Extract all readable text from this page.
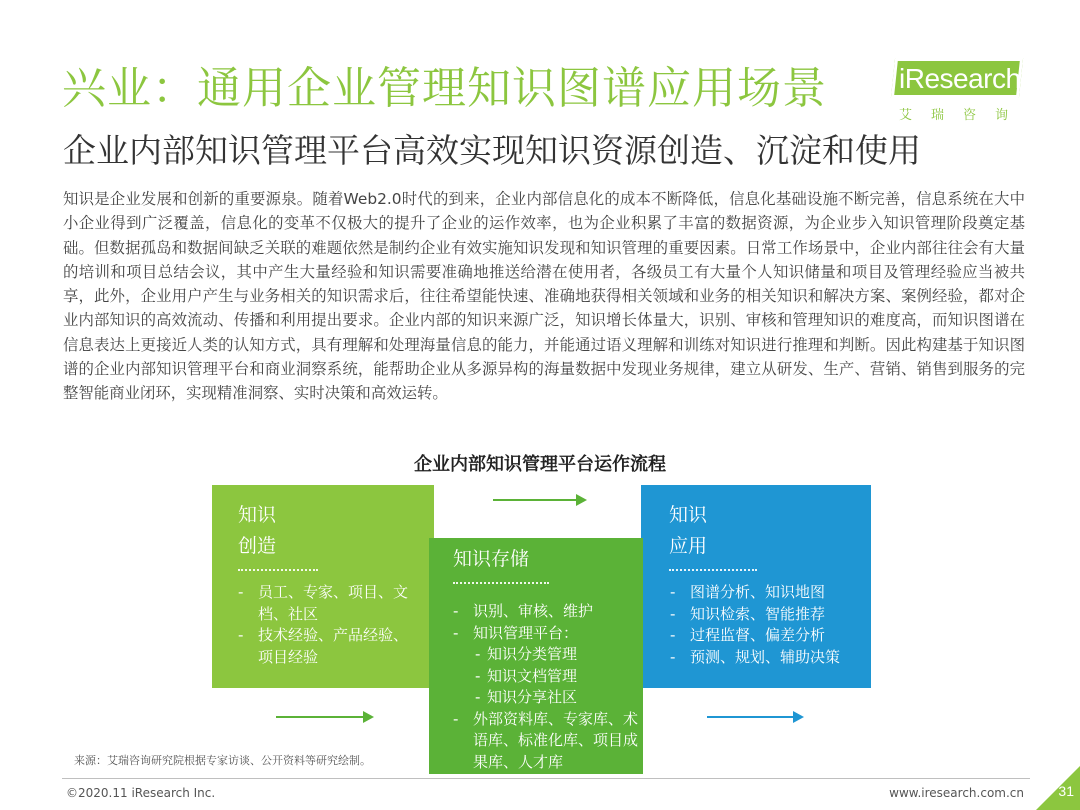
兴业：通用企业管理知识图谱应用场景	iResearch
艾瑞咨询
企业内部知识管理平台高效实现知识资源创造、沉淀和使用
知识是企业发展和创新的重要源泉。随着Web2.0时代的到来，企业内部信息化的成本不断降低，信息化基础设施不断完善，信息系统在大中小企业得到广泛覆盖，信息化的变革不仅极大的提升了企业的运作效率，也为企业积累了丰富的数据资源，为企业步入知识管理阶段奠定基础。但数据孤岛和数据间缺乏关联的难题依然是制约企业有效实施知识发现和知识管理的重要因素。日常工作场景中，企业内部往往会有大量的培训和项目总结会议，其中产生大量经验和知识需要准确地推送给潜在使用者，各级员工有大量个人知识储量和项目及管理经验应当被共享，此外，企业用户产生与业务相关的知识需求后，往往希望能快速、准确地获得相关领域和业务的相关知识和解决方案、案例经验，都对企业内部知识的高效流动、传播和利用提出要求。企业内部的知识来源广泛，知识增长体量大，识别、审核和管理知识的难度高，而知识图谱在信息表达上更接近人类的认知方式，具有理解和处理海量信息的能力，并能通过语义理解和训练对知识进行推理和判断。因此构建基于知识图谱的企业内部知识管理平台和商业洞察系统，能帮助企业从多源异构的海量数据中发现业务规律，建立从研发、生产、营销、销售到服务的完整智能商业闭环，实现精准洞察、实时决策和高效运转。
企业内部知识管理平台运作流程
知识
创造
- 员工、专家、项目、文档、社区
- 技术经验、产品经验、项目经验
知识
应用
- 图谱分析、知识地图
- 知识检索、智能推荐
- 过程监督、偏差分析
- 预测、规划、辅助决策
知识存储
- 识别、审核、维护
- 知识管理平台：
- 知识分类管理
- 知识文档管理
- 知识分享社区
- 外部资料库、专家库、术语库、标准化库、项目成果库、人才库
来源：艾瑞咨询研究院根据专家访谈、公开资料等研究绘制。
©2020.11 iResearch Inc.	www.iresearch.com.cn 31
